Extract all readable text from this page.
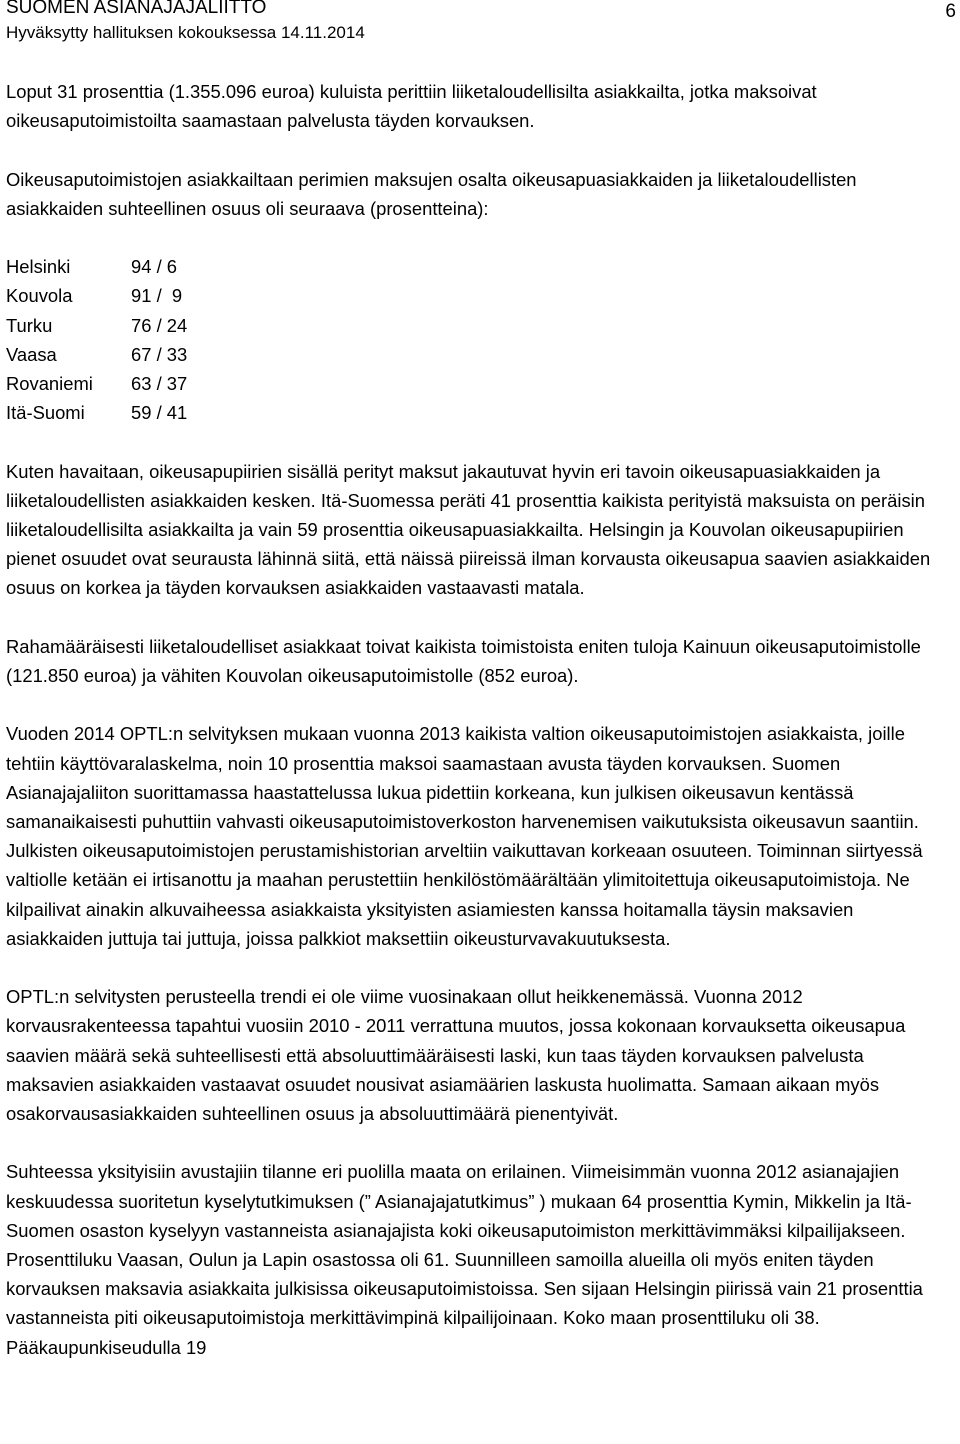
SUOMEN ASIANAJAJALIITTO
Hyväksytty hallituksen kokouksessa 14.11.2014
6

Loput 31 prosenttia (1.355.096 euroa) kuluista perittiin liiketaloudellisilta asiakkailta, jotka maksoivat oikeusaputoimistoilta saamastaan palvelusta täyden korvauksen.

Oikeusaputoimistojen asiakkailtaan perimien maksujen osalta oikeusapuasiakkaiden ja liiketaloudellisten asiakkaiden suhteellinen osuus oli seuraava (prosentteina):

Helsinki	94 / 6
Kouvola	91 /  9
Turku	76 / 24
Vaasa	67 / 33
Rovaniemi	63 / 37
Itä-Suomi	59 / 41

Kuten havaitaan, oikeusapupiirien sisällä perityt maksut jakautuvat hyvin eri tavoin oikeusapuasiakkaiden ja liiketaloudellisten asiakkaiden kesken. Itä-Suomessa peräti 41 prosenttia kaikista perityistä maksuista on peräisin liiketaloudellisilta asiakkailta ja vain 59 prosenttia oikeusapuasiakkailta. Helsingin ja Kouvolan oikeusapupiirien pienet osuudet ovat seurausta lähinnä siitä, että näissä piireissä ilman korvausta oikeusapua saavien asiakkaiden osuus on korkea ja täyden korvauksen asiakkaiden vastaavasti matala.

Rahamääräisesti liiketaloudelliset asiakkaat toivat kaikista toimistoista eniten tuloja Kainuun oikeusaputoimistolle (121.850 euroa) ja vähiten Kouvolan oikeusaputoimistolle (852 euroa).

Vuoden 2014 OPTL:n selvityksen mukaan vuonna 2013 kaikista valtion oikeusaputoimistojen asiakkaista, joille tehtiin käyttövaralaskelma, noin 10 prosenttia maksoi saamastaan avusta täyden korvauksen. Suomen Asianajajaliiton suorittamassa haastattelussa lukua pidettiin korkeana, kun julkisen oikeusavun kentässä samanaikaisesti puhuttiin vahvasti oikeusaputoimistoverkoston harvenemisen vaikutuksista oikeusavun saantiin. Julkisten oikeusaputoimistojen perustamishistorian arveltiin vaikuttavan korkeaan osuuteen. Toiminnan siirtyessä valtiolle ketään ei irtisanottu ja maahan perustettiin henkilöstömäärältään ylimitoitettuja oikeusaputoimistoja. Ne kilpailivat ainakin alkuvaiheessa asiakkaista yksityisten asiamiesten kanssa hoitamalla täysin maksavien asiakkaiden juttuja tai juttuja, joissa palkkiot maksettiin oikeusturvavakuutuksesta.

OPTL:n selvitysten perusteella trendi ei ole viime vuosinakaan ollut heikkenemässä. Vuonna 2012 korvausrakenteessa tapahtui vuosiin 2010 - 2011 verrattuna muutos, jossa kokonaan korvauksetta oikeusapua saavien määrä sekä suhteellisesti että absoluuttimääräisesti laski, kun taas täyden korvauksen palvelusta maksavien asiakkaiden vastaavat osuudet nousivat asiamäärien laskusta huolimatta. Samaan aikaan myös osakorvausasiakkaiden suhteellinen osuus ja absoluuttimäärä pienentyivät.

Suhteessa yksityisiin avustajiin tilanne eri puolilla maata on erilainen. Viimeisimmän vuonna 2012 asianajajien keskuudessa suoritetun kyselytutkimuksen (” Asianajajatutkimus” ) mukaan 64 prosenttia Kymin, Mikkelin ja Itä-Suomen osaston kyselyyn vastanneista asianajajista koki oikeusaputoimiston merkittävimmäksi kilpailijakseen. Prosenttiluku Vaasan, Oulun ja Lapin osastossa oli 61. Suunnilleen samoilla alueilla oli myös eniten täyden korvauksen maksavia asiakkaita julkisissa oikeusaputoimistoissa. Sen sijaan Helsingin piirissä vain 21 prosenttia vastanneista piti oikeusaputoimistoja merkittävimpinä kilpailijoinaan. Koko maan prosenttiluku oli 38. Pääkaupunkiseudulla 19
